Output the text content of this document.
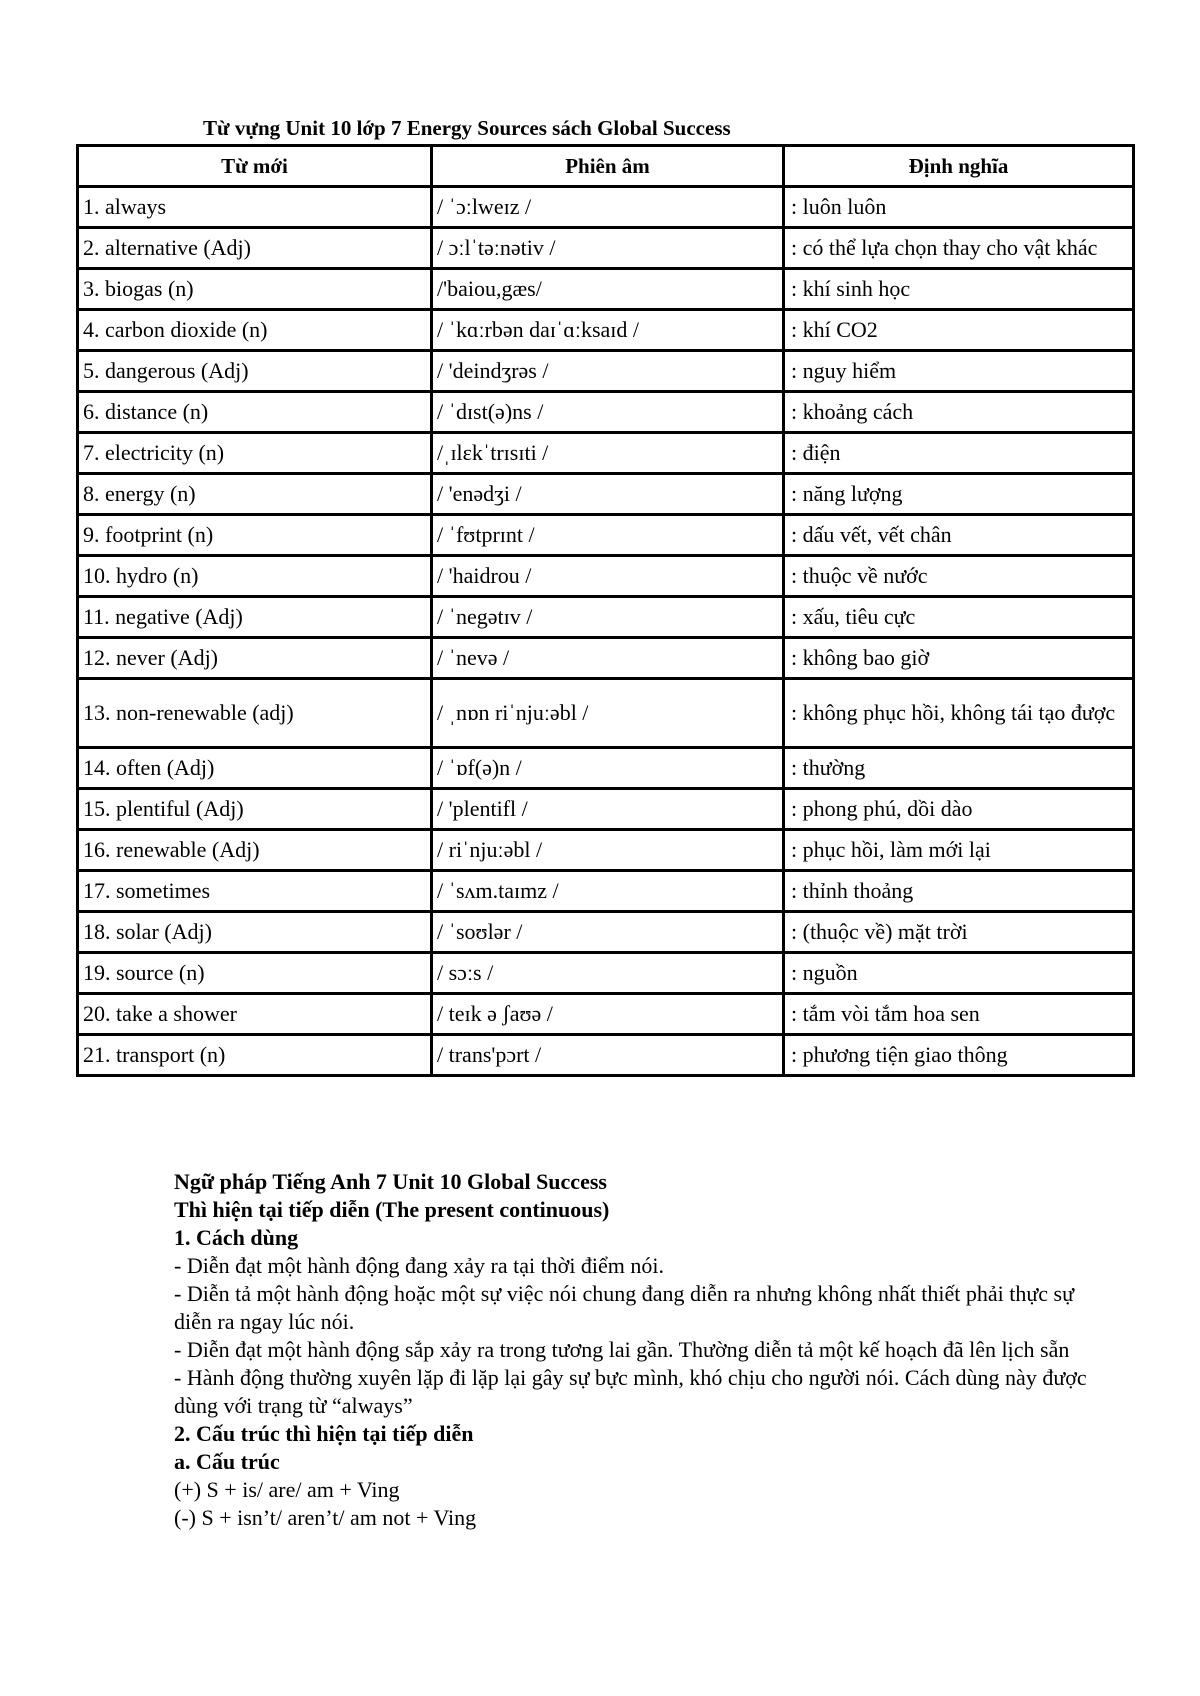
Từ vựng Unit 10 lớp 7 Energy Sources sách Global Success
Từ mới	Phiên âm	Định nghĩa
1. always	/ ˈɔːlweɪz /	: luôn luôn
2. alternative (Adj)	/ ɔːlˈtəːnətiv /	: có thể lựa chọn thay cho vật khác
3. biogas (n)	/'baiou,gæs/	: khí sinh học
4. carbon dioxide (n)	/ ˈkɑːrbən daɪˈɑːksaɪd /	: khí CO2
5. dangerous (Adj)	/ 'deindʒrəs /	: nguy hiểm
6. distance (n)	/ ˈdɪst(ə)ns /	: khoảng cách
7. electricity (n)	/ˌɪlɛkˈtrɪsɪti /	: điện
8. energy (n)	/ 'enədʒi /	: năng lượng
9. footprint (n)	/ ˈfʊtprɪnt /	: dấu vết, vết chân
10. hydro (n)	/ 'haidrou /	: thuộc về nước
11. negative (Adj)	/ ˈnegətɪv /	: xấu, tiêu cực
12. never (Adj)	/ ˈnevə /	: không bao giờ
13. non-renewable (adj)	/ ˌnɒn riˈnjuːəbl /	: không phục hồi, không tái tạo được
14. often (Adj)	/ ˈɒf(ə)n /	: thường
15. plentiful (Adj)	/ 'plentifl /	: phong phú, dồi dào
16. renewable (Adj)	/ riˈnjuːəbl /	: phục hồi, làm mới lại
17. sometimes	/ ˈsʌm.taɪmz /	: thỉnh thoảng
18. solar (Adj)	/ ˈsoʊlər /	: (thuộc về) mặt trời
19. source (n)	/ sɔːs /	: nguồn
20. take a shower	/ teɪk ə ʃaʊə /	: tắm vòi tắm hoa sen
21. transport (n)	/ trans'pɔrt /	: phương tiện giao thông

Ngữ pháp Tiếng Anh 7 Unit 10 Global Success

Thì hiện tại tiếp diễn (The present continuous)

1. Cách dùng

- Diễn đạt một hành động đang xảy ra tại thời điểm nói.

- Diễn tả một hành động hoặc một sự việc nói chung đang diễn ra nhưng không nhất thiết phải thực sự diễn ra ngay lúc nói.

- Diễn đạt một hành động sắp xảy ra trong tương lai gần. Thường diễn tả một kế hoạch đã lên lịch sẵn

- Hành động thường xuyên lặp đi lặp lại gây sự bực mình, khó chịu cho người nói. Cách dùng này được dùng với trạng từ “always”

2. Cấu trúc thì hiện tại tiếp diễn

a. Cấu trúc

(+) S + is/ are/ am + Ving

(-) S + isn’t/ aren’t/ am not + Ving
